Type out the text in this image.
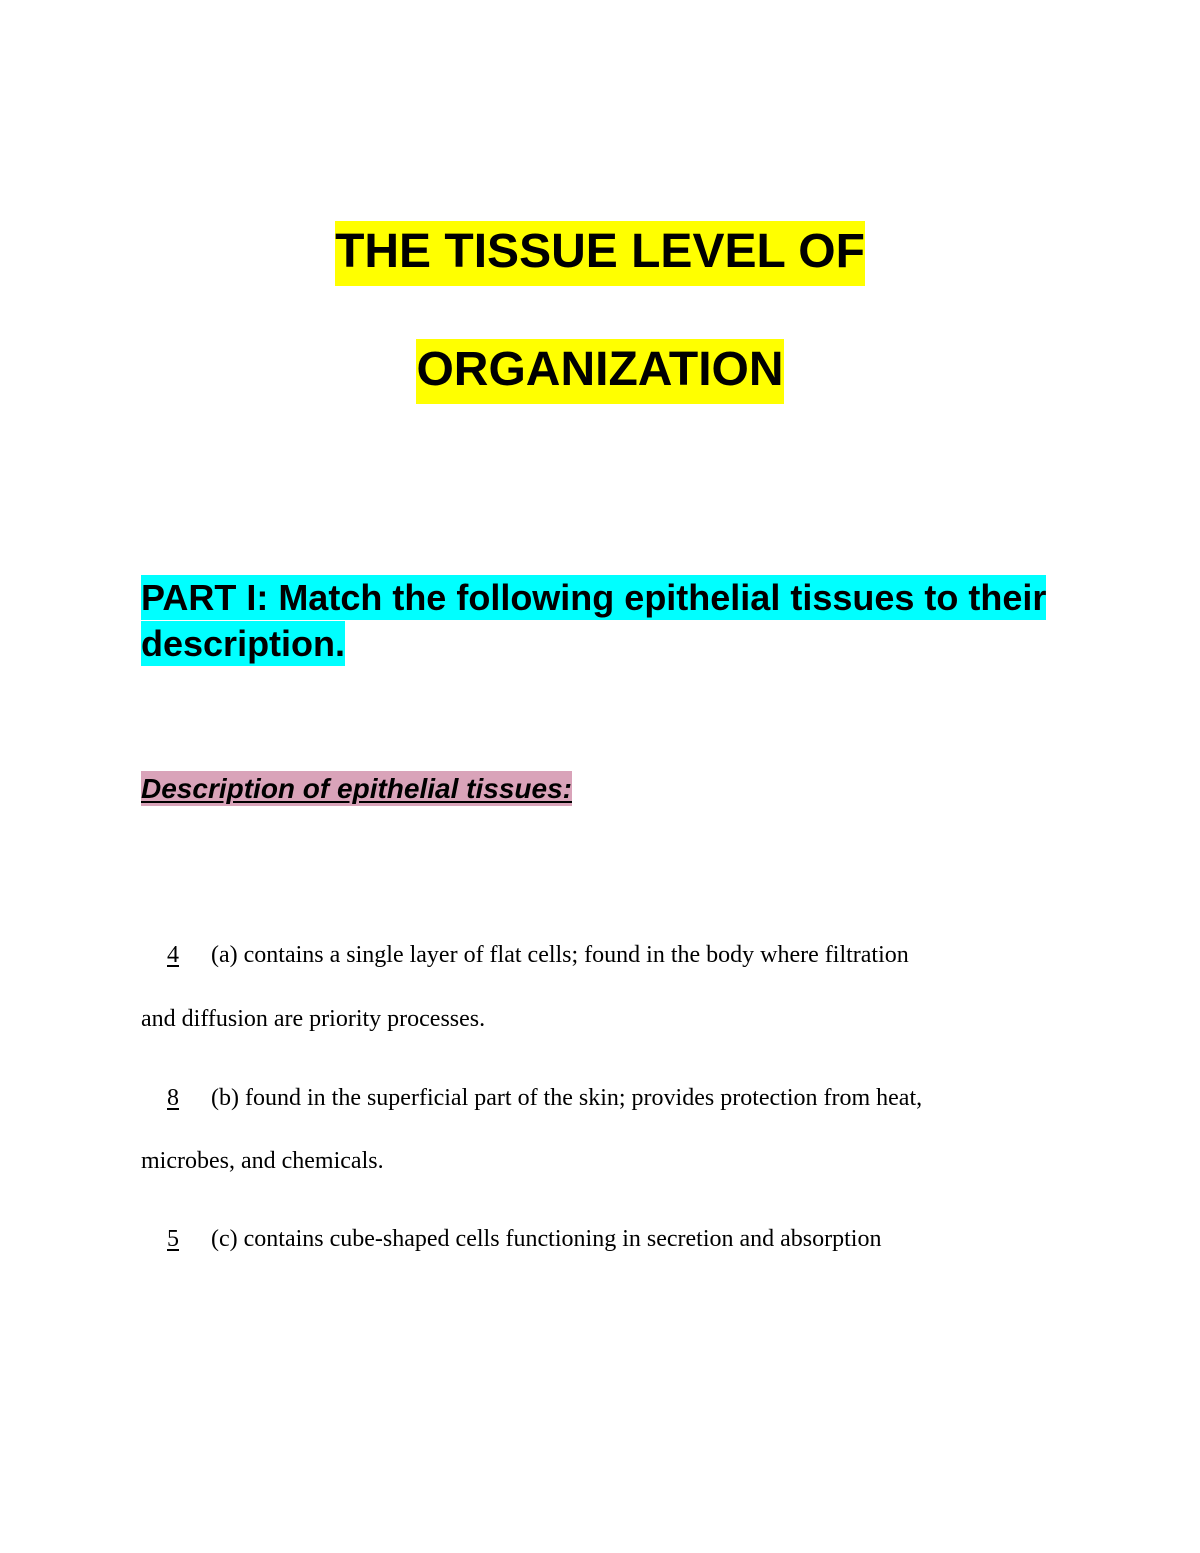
THE TISSUE LEVEL OF
ORGANIZATION
PART I: Match the following epithelial tissues to their description.
Description of epithelial tissues:
4 (a) contains a single layer of flat cells; found in the body where filtration
and diffusion are priority processes.
8 (b) found in the superficial part of the skin; provides protection from heat,
microbes, and chemicals.
5 (c) contains cube-shaped cells functioning in secretion and absorption
